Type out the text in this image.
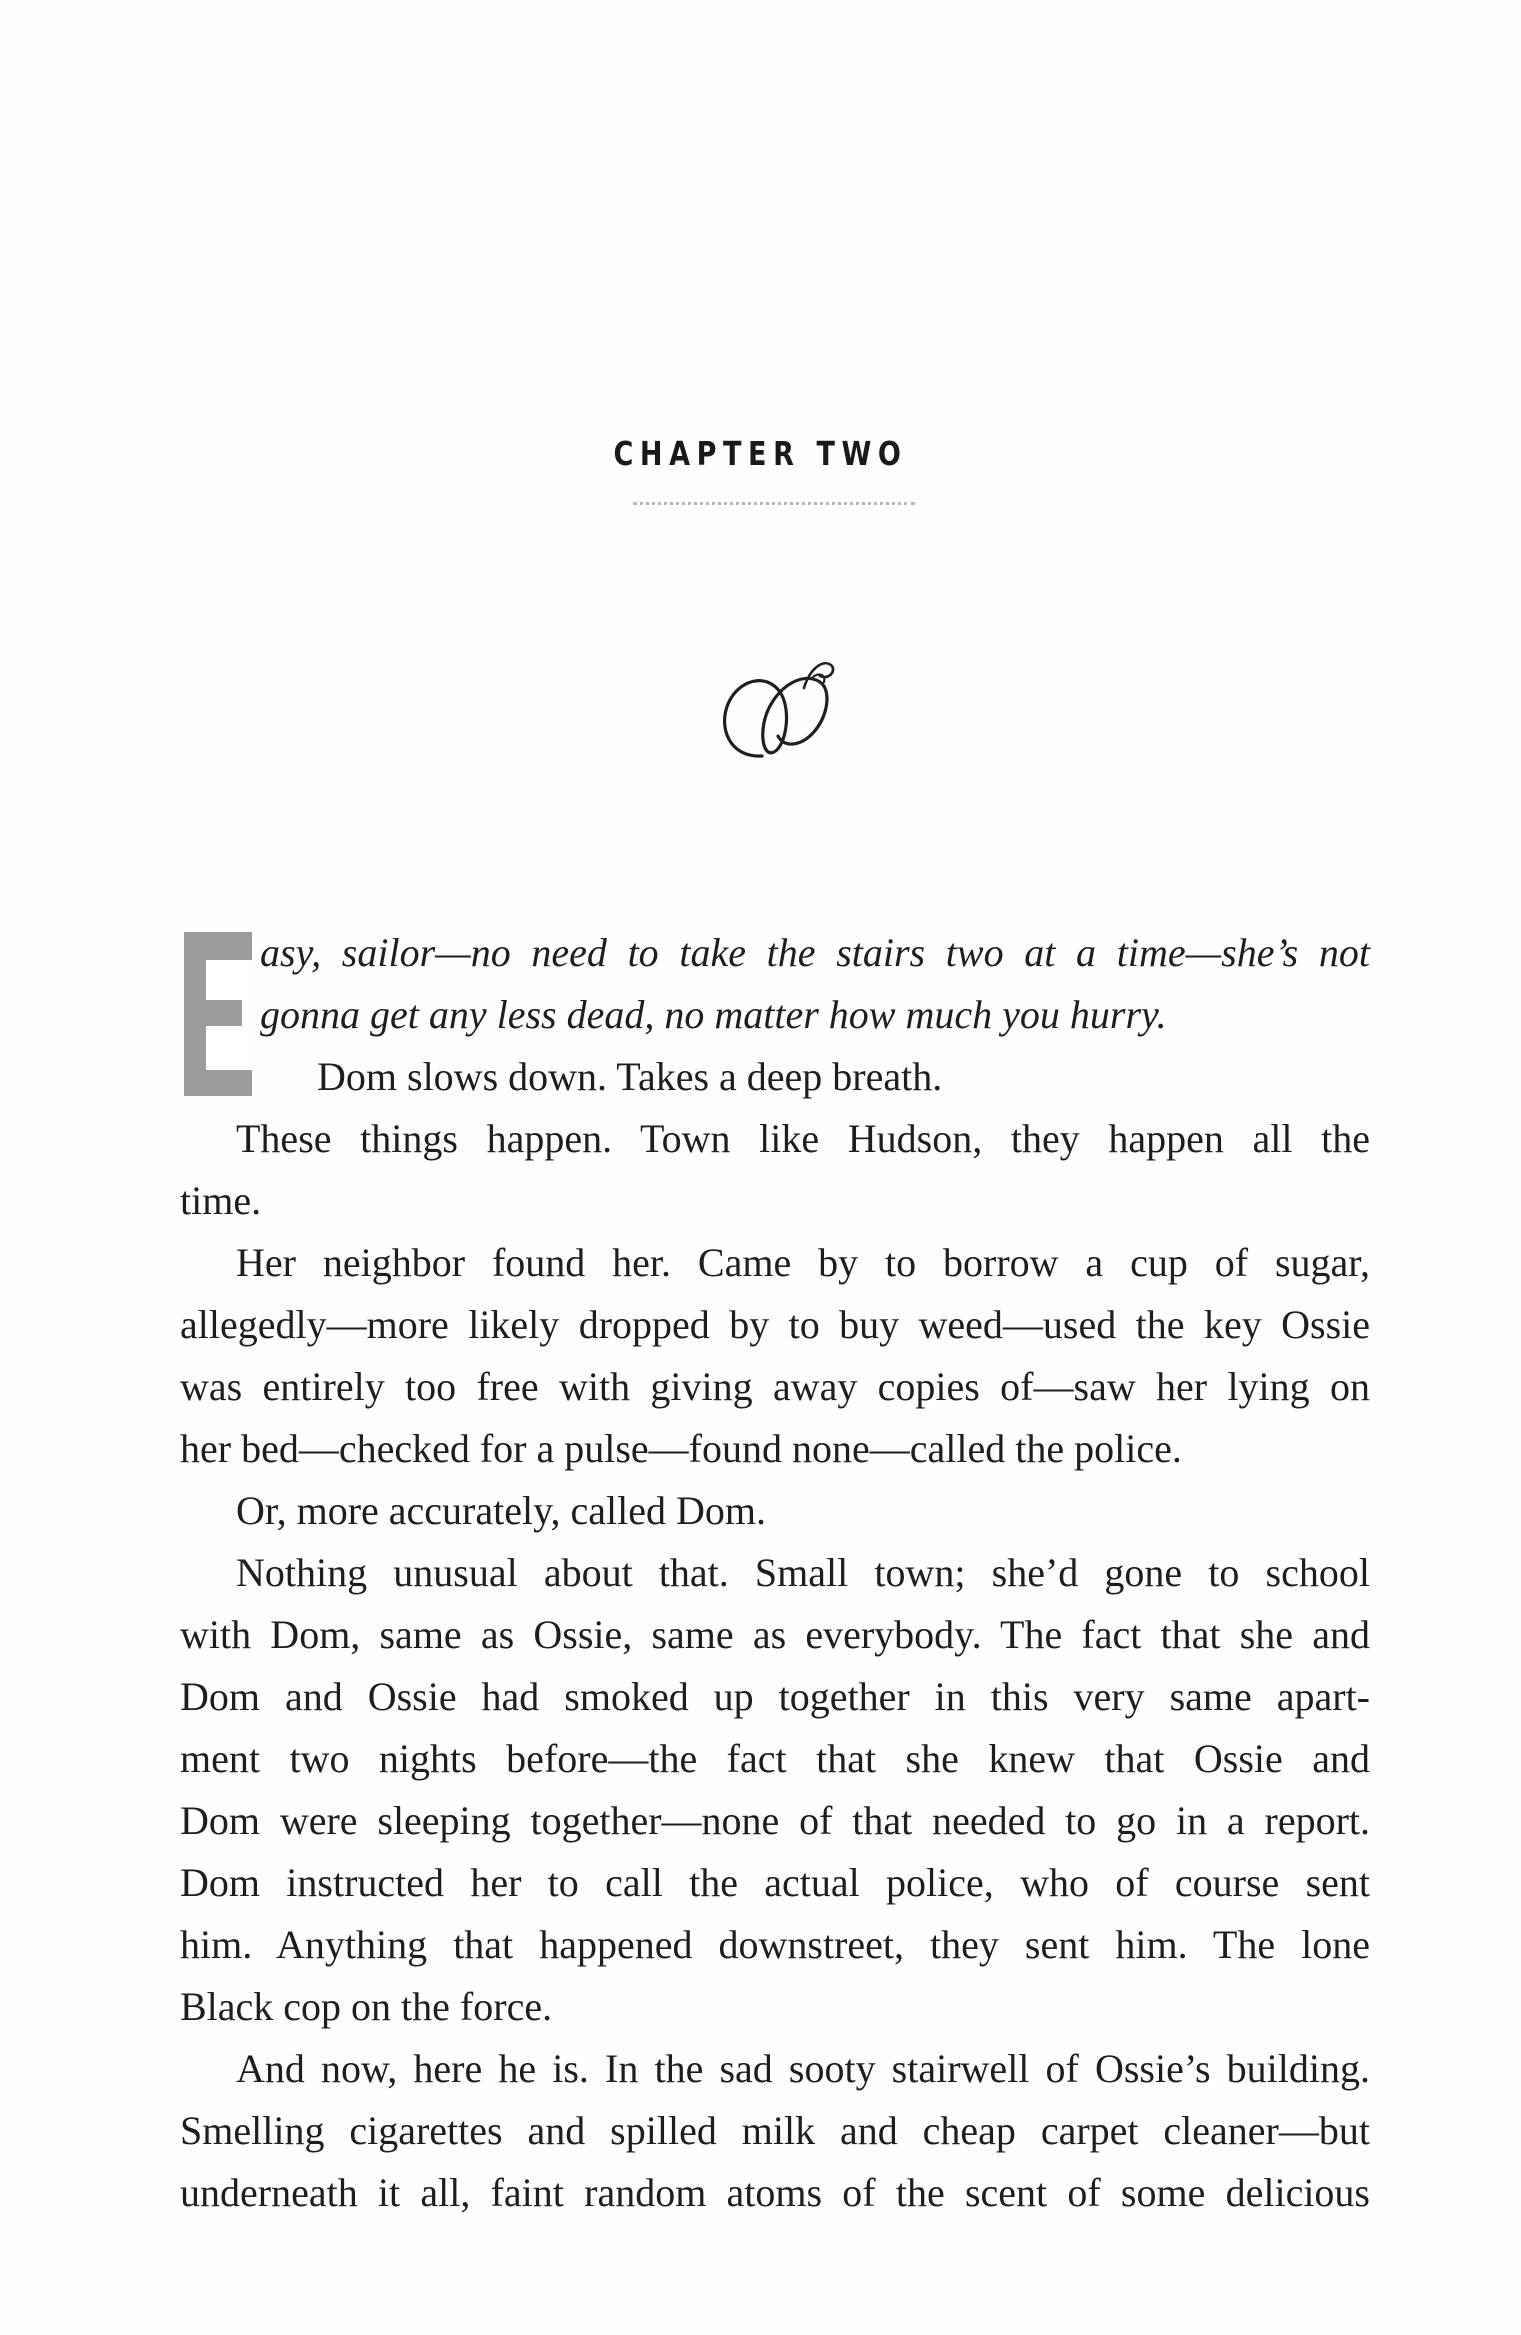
CHAPTER TWO
asy, sailor—no need to take the stairs two at a time—she’s not
gonna get any less dead, no matter how much you hurry.
Dom slows down. Takes a deep breath.
These things happen. Town like Hudson, they happen all the
time.
Her neighbor found her. Came by to borrow a cup of sugar,
allegedly—more likely dropped by to buy weed—used the key Ossie
was entirely too free with giving away copies of—saw her lying on
her bed—checked for a pulse—found none—called the police.
Or, more accurately, called Dom.
Nothing unusual about that. Small town; she’d gone to school
with Dom, same as Ossie, same as everybody. The fact that she and
Dom and Ossie had smoked up together in this very same apart-
ment two nights before—the fact that she knew that Ossie and
Dom were sleeping together—none of that needed to go in a report.
Dom instructed her to call the actual police, who of course sent
him. Anything that happened downstreet, they sent him. The lone
Black cop on the force.
And now, here he is. In the sad sooty stairwell of Ossie’s building.
Smelling cigarettes and spilled milk and cheap carpet cleaner—but
underneath it all, faint random atoms of the scent of some delicious
